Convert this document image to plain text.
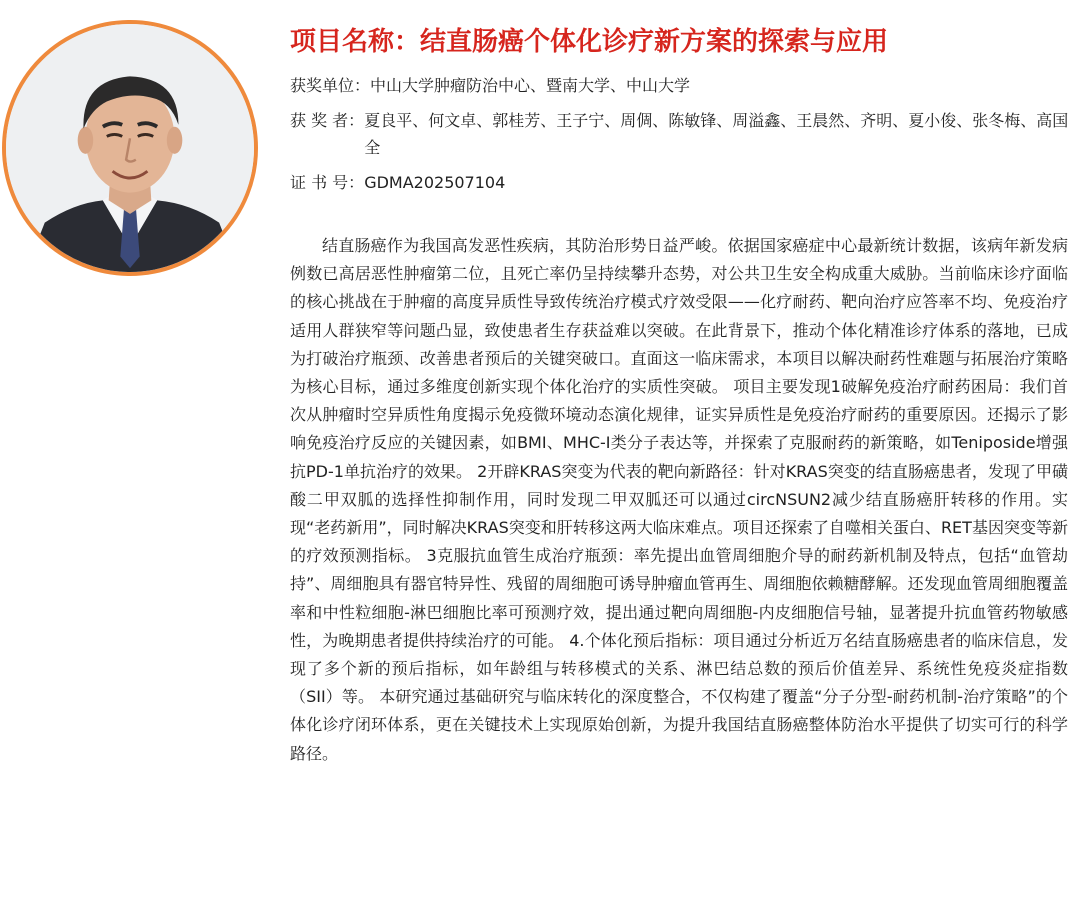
项目名称：结直肠癌个体化诊疗新方案的探索与应用
获奖单位： 中山大学肿瘤防治中心、暨南大学、中山大学
获 奖 者： 夏良平、何文卓、郭桂芳、王子宁、周倜、陈敏锋、周溢鑫、王晨然、齐明、夏小俊、张冬梅、高国全
证 书 号： GDMA202507104

结直肠癌作为我国高发恶性疾病，其防治形势日益严峻。依据国家癌症中心最新统计数据，该病年新发病例数已高居恶性肿瘤第二位，且死亡率仍呈持续攀升态势，对公共卫生安全构成重大威胁。当前临床诊疗面临的核心挑战在于肿瘤的高度异质性导致传统治疗模式疗效受限——化疗耐药、靶向治疗应答率不均、免疫治疗适用人群狭窄等问题凸显，致使患者生存获益难以突破。在此背景下，推动个体化精准诊疗体系的落地，已成为打破治疗瓶颈、改善患者预后的关键突破口。直面这一临床需求，本项目以解决耐药性难题与拓展治疗策略为核心目标，通过多维度创新实现个体化治疗的实质性突破。 项目主要发现1破解免疫治疗耐药困局：我们首次从肿瘤时空异质性角度揭示免疫微环境动态演化规律，证实异质性是免疫治疗耐药的重要原因。还揭示了影响免疫治疗反应的关键因素，如BMI、MHC-I类分子表达等，并探索了克服耐药的新策略，如Teniposide增强抗PD-1单抗治疗的效果。 2开辟KRAS突变为代表的靶向新路径：针对KRAS突变的结直肠癌患者，发现了甲磺酸二甲双胍的选择性抑制作用，同时发现二甲双胍还可以通过circNSUN2减少结直肠癌肝转移的作用。实现“老药新用”，同时解决KRAS突变和肝转移这两大临床难点。项目还探索了自噬相关蛋白、RET基因突变等新的疗效预测指标。 3克服抗血管生成治疗瓶颈：率先提出血管周细胞介导的耐药新机制及特点，包括“血管劫持”、周细胞具有器官特异性、残留的周细胞可诱导肿瘤血管再生、周细胞依赖糖酵解。还发现血管周细胞覆盖率和中性粒细胞-淋巴细胞比率可预测疗效，提出通过靶向周细胞-内皮细胞信号轴，显著提升抗血管药物敏感性，为晚期患者提供持续治疗的可能。 4.个体化预后指标：项目通过分析近万名结直肠癌患者的临床信息，发现了多个新的预后指标，如年龄组与转移模式的关系、淋巴结总数的预后价值差异、系统性免疫炎症指数（SII）等。 本研究通过基础研究与临床转化的深度整合，不仅构建了覆盖“分子分型-耐药机制-治疗策略”的个体化诊疗闭环体系，更在关键技术上实现原始创新，为提升我国结直肠癌整体防治水平提供了切实可行的科学路径。
